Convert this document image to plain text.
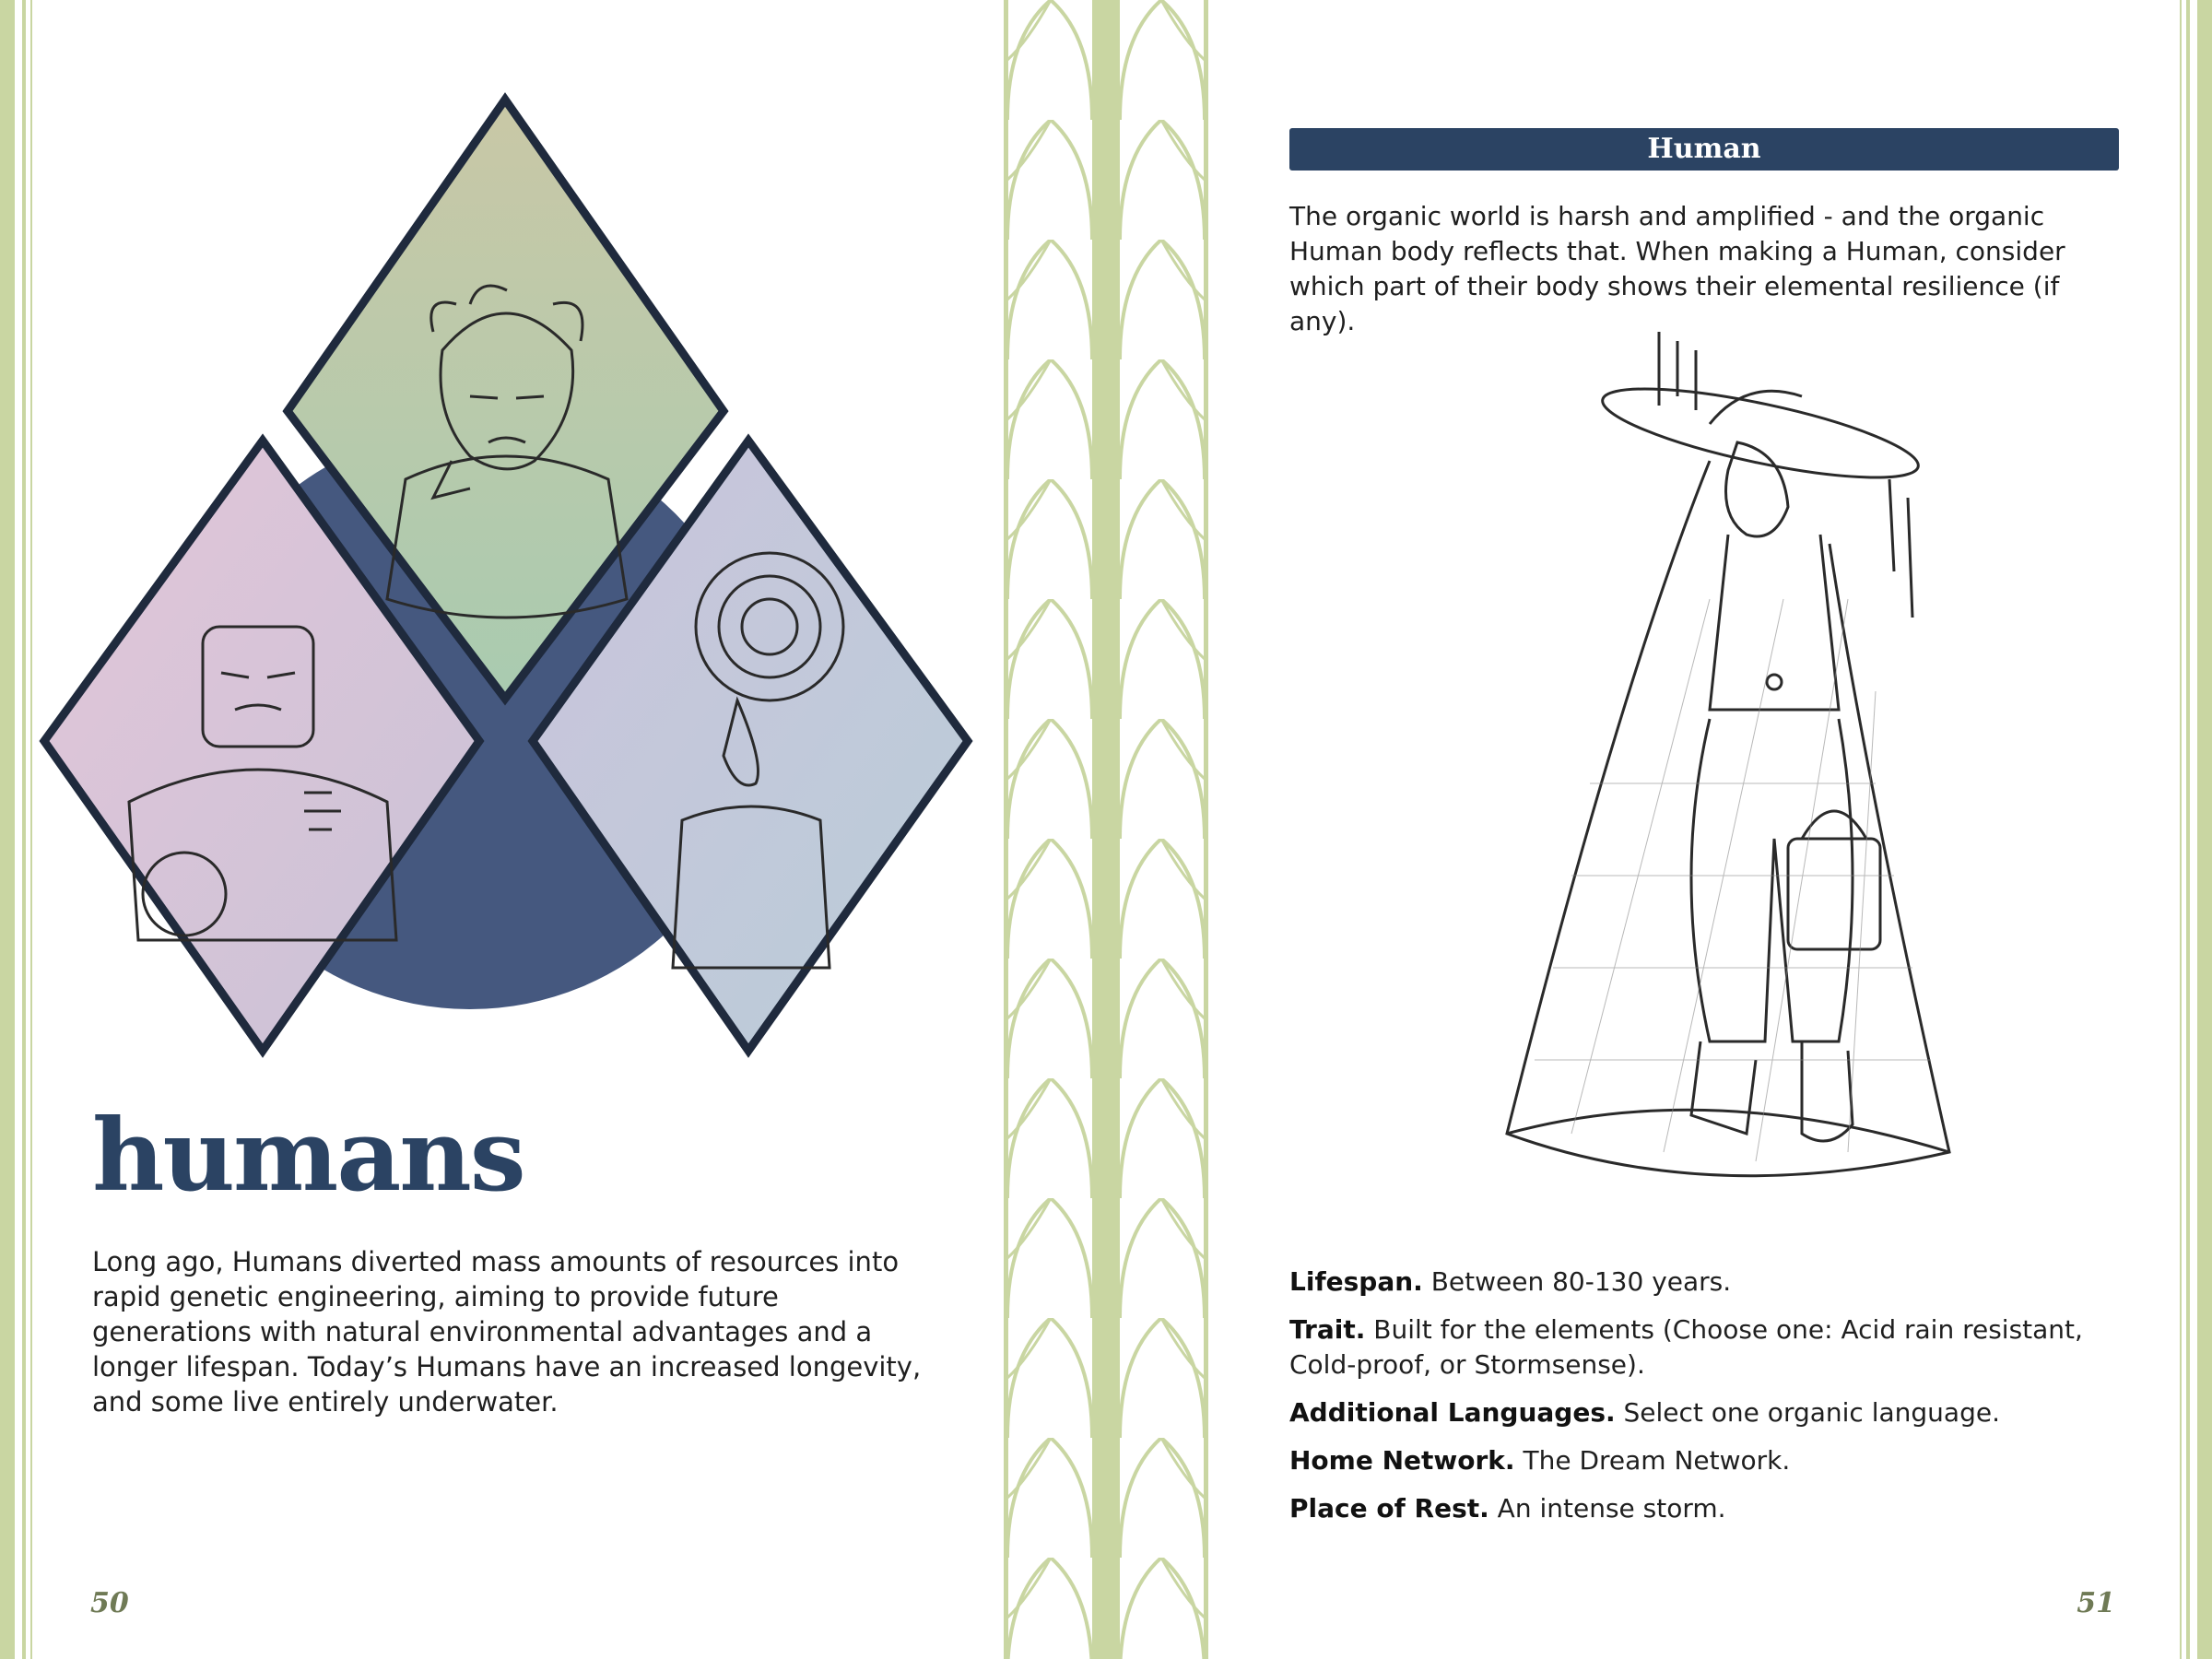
humans

Long ago, Humans diverted mass amounts of resources into rapid genetic engineering, aiming to provide future generations with natural environmental advantages and a longer lifespan. Today’s Humans have an increased longevity, and some live entirely underwater.

50
Human

The organic world is harsh and amplified - and the organic Human body reflects that. When making a Human, consider which part of their body shows their elemental resilience (if any).

Lifespan. Between 80-130 years.
Trait. Built for the elements (Choose one: Acid rain resistant, Cold-proof, or Stormsense).
Additional Languages. Select one organic language.
Home Network. The Dream Network.
Place of Rest. An intense storm.
51
